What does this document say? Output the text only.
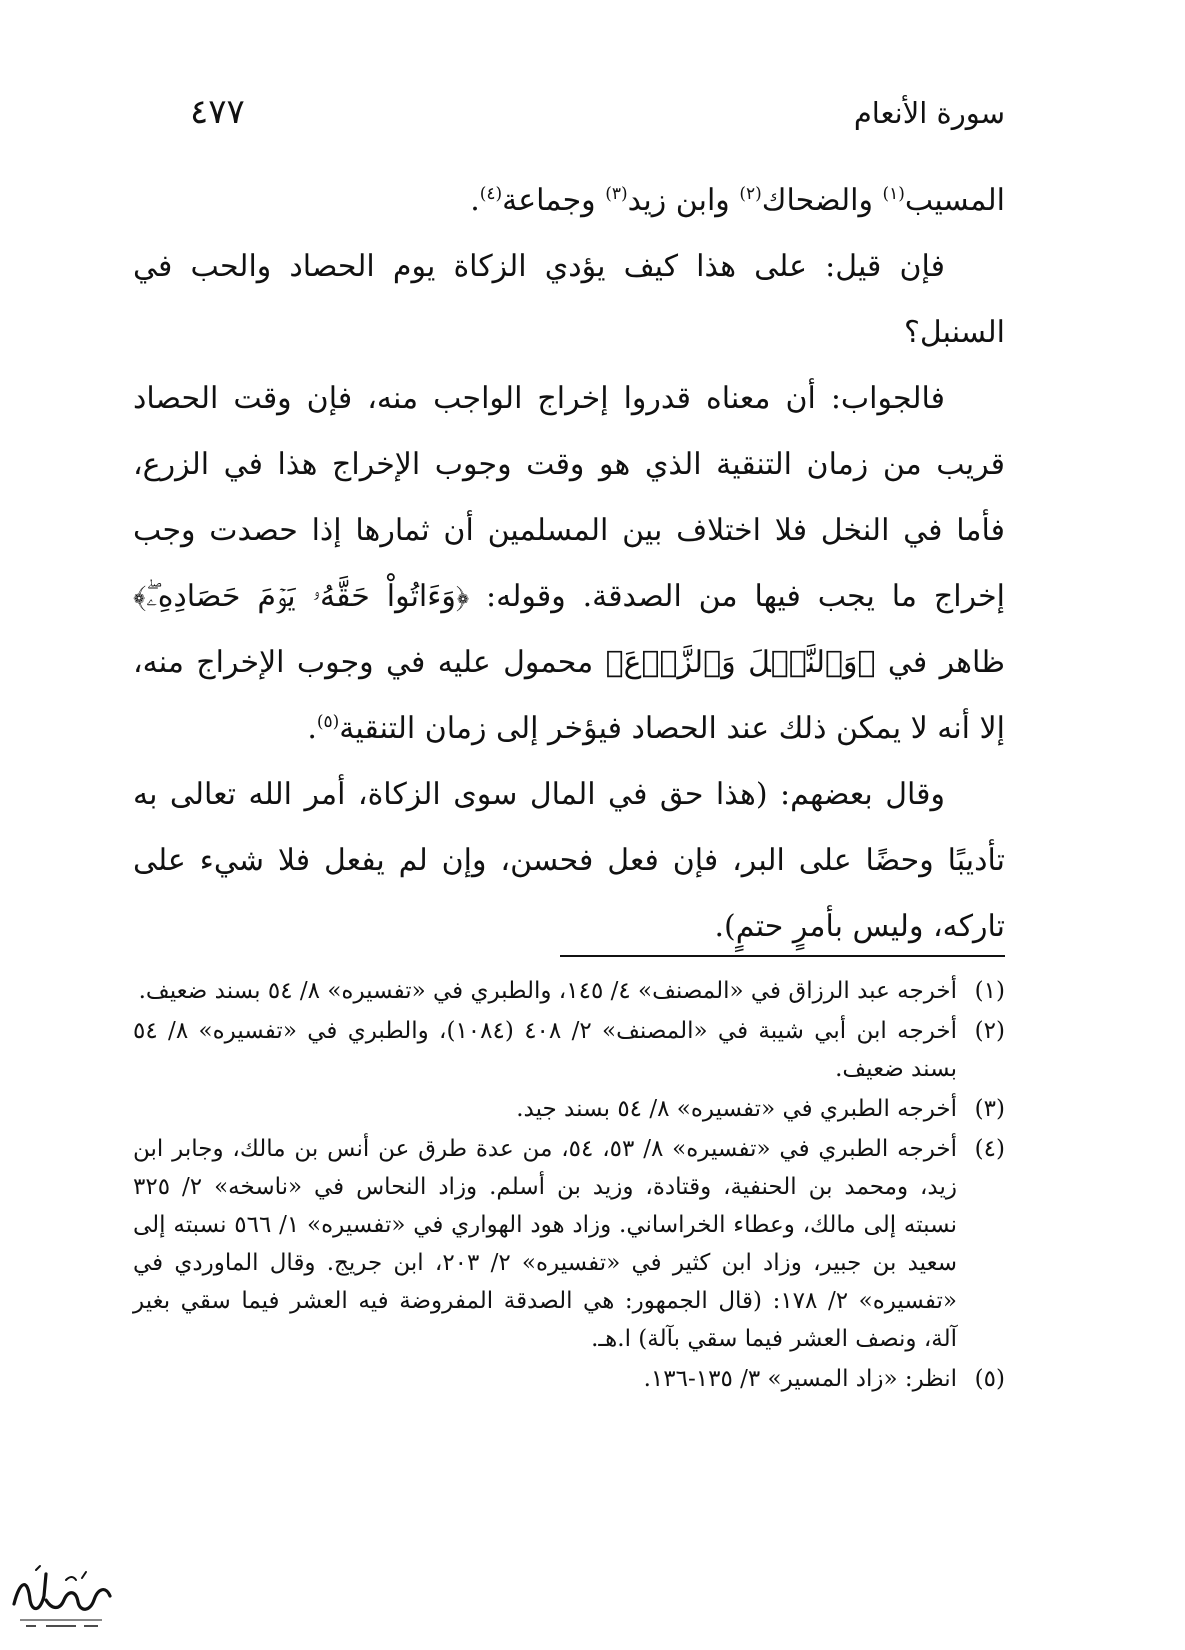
سورة الأنعام
٤٧٧

المسيب$^{(١)}$ والضحاك$^{(٢)}$ وابن زيد$^{(٣)}$ وجماعة$^{(٤)}$.

فإن قيل: على هذا كيف يؤدي الزكاة يوم الحصاد والحب في السنبل؟

فالجواب: أن معناه قدروا إخراج الواجب منه، فإن وقت الحصاد قريب من زمان التنقية الذي هو وقت وجوب الإخراج هذا في الزرع، فأما في النخل فلا اختلاف بين المسلمين أن ثمارها إذا حصدت وجب إخراج ما يجب فيها من الصدقة. وقوله: ﴿وَءَاتُواْ حَقَّهُۥ يَوۡمَ حَصَادِهِۦۖ﴾ ظاهر في ﴿وَٱلنَّخۡلَ وَٱلزَّرۡعَ﴾ محمول عليه في وجوب الإخراج منه، إلا أنه لا يمكن ذلك عند الحصاد فيؤخر إلى زمان التنقية$^{(٥)}$.

وقال بعضهم: (هذا حق في المال سوى الزكاة، أمر الله تعالى به تأديبًا وحضًا على البر، فإن فعل فحسن، وإن لم يفعل فلا شيء على تاركه، وليس بأمرٍ حتمٍ).

(١)
أخرجه عبد الرزاق في «المصنف» ٤/ ١٤٥، والطبري في «تفسيره» ٨/ ٥٤ بسند ضعيف.
(٢)
أخرجه ابن أبي شيبة في «المصنف» ٢/ ٤٠٨ (١٠٨٤)، والطبري في «تفسيره» ٨/ ٥٤ بسند ضعيف.
(٣)
أخرجه الطبري في «تفسيره» ٨/ ٥٤ بسند جيد.
(٤)
أخرجه الطبري في «تفسيره» ٨/ ٥٣، ٥٤، من عدة طرق عن أنس بن مالك، وجابر ابن زيد، ومحمد بن الحنفية، وقتادة، وزيد بن أسلم. وزاد النحاس في «ناسخه» ٢/ ٣٢٥ نسبته إلى مالك، وعطاء الخراساني. وزاد هود الهواري في «تفسيره» ١/ ٥٦٦ نسبته إلى سعيد بن جبير، وزاد ابن كثير في «تفسيره» ٢/ ٢٠٣، ابن جريج. وقال الماوردي في «تفسيره» ٢/ ١٧٨: (قال الجمهور: هي الصدقة المفروضة فيه العشر فيما سقي بغير آلة، ونصف العشر فيما سقي بآلة) ا.هـ.
(٥)
انظر: «زاد المسير» ٣/ ١٣٥-١٣٦.
